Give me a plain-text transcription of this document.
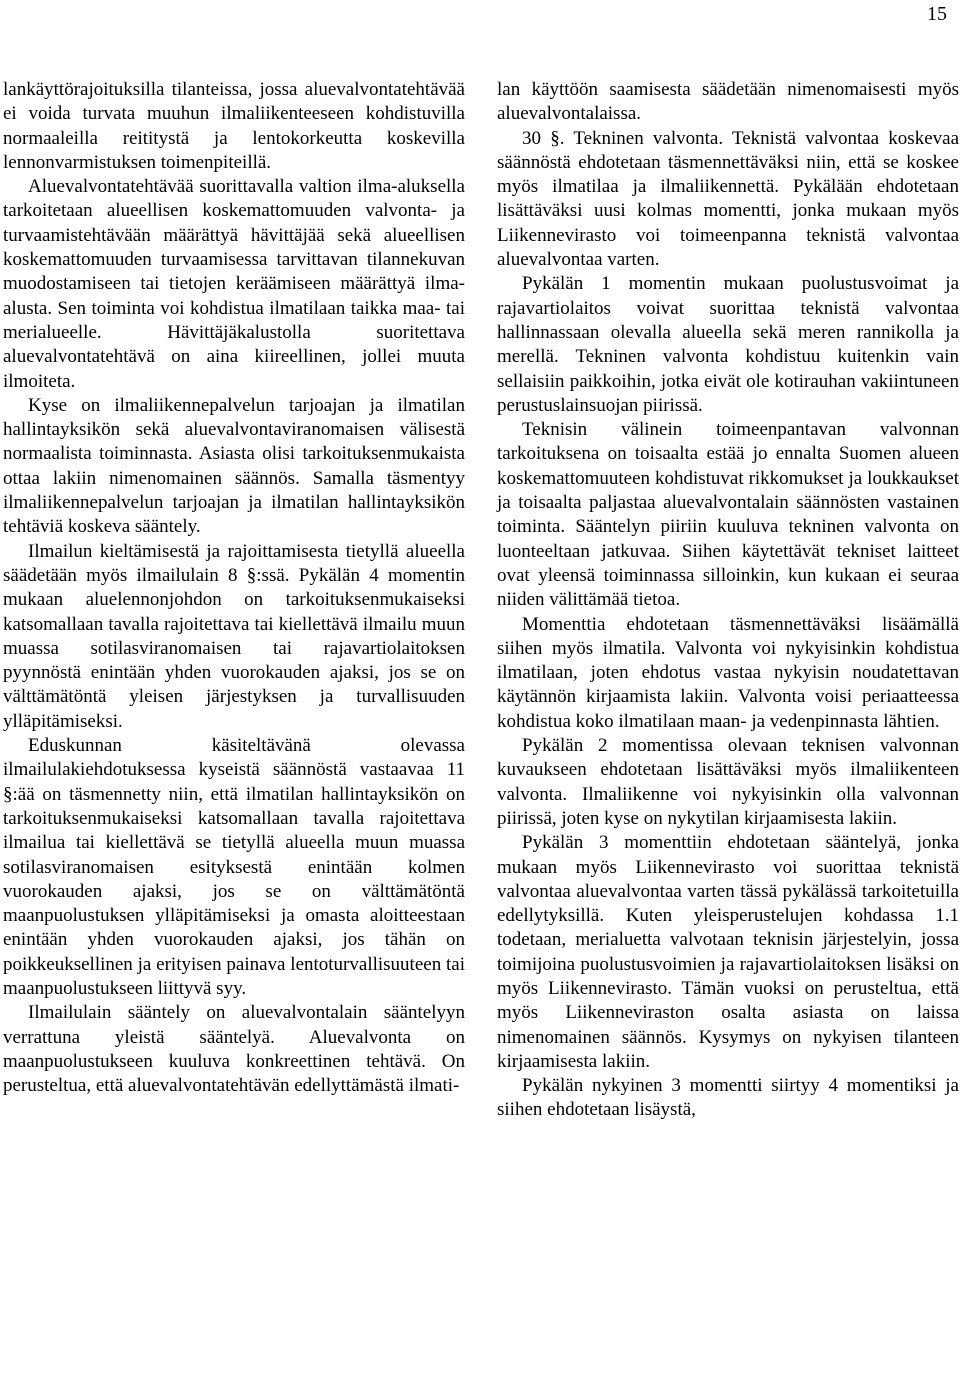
15

lankäyttörajoituksilla tilanteissa, jossa aluevalvontatehtävää ei voida turvata muuhun ilmaliikenteeseen kohdistuvilla normaaleilla reititystä ja lentokorkeutta koskevilla lennonvarmistuksen toimenpiteillä.

Aluevalvontatehtävää suorittavalla valtion ilma-aluksella tarkoitetaan alueellisen koskemattomuuden valvonta- ja turvaamistehtävään määrättyä hävittäjää sekä alueellisen koskemattomuuden turvaamisessa tarvittavan tilannekuvan muodostamiseen tai tietojen keräämiseen määrättyä ilma-alusta. Sen toiminta voi kohdistua ilmatilaan taikka maa- tai merialueelle. Hävittäjäkalustolla suoritettava aluevalvontatehtävä on aina kiireellinen, jollei muuta ilmoiteta.

Kyse on ilmaliikennepalvelun tarjoajan ja ilmatilan hallintayksikön sekä aluevalvontaviranomaisen välisestä normaalista toiminnasta. Asiasta olisi tarkoituksenmukaista ottaa lakiin nimenomainen säännös. Samalla täsmentyy ilmaliikennepalvelun tarjoajan ja ilmatilan hallintayksikön tehtäviä koskeva sääntely.

Ilmailun kieltämisestä ja rajoittamisesta tietyllä alueella säädetään myös ilmailulain 8 §:ssä. Pykälän 4 momentin mukaan aluelennonjohdon on tarkoituksenmukaiseksi katsomallaan tavalla rajoitettava tai kiellettävä ilmailu muun muassa sotilasviranomaisen tai rajavartiolaitoksen pyynnöstä enintään yhden vuorokauden ajaksi, jos se on välttämätöntä yleisen järjestyksen ja turvallisuuden ylläpitämiseksi.

Eduskunnan käsiteltävänä olevassa ilmailulakiehdotuksessa kyseistä säännöstä vastaavaa 11 §:ää on täsmennetty niin, että ilmatilan hallintayksikön on tarkoituksenmukaiseksi katsomallaan tavalla rajoitettava ilmailua tai kiellettävä se tietyllä alueella muun muassa sotilasviranomaisen esityksestä enintään kolmen vuorokauden ajaksi, jos se on välttämätöntä maanpuolustuksen ylläpitämiseksi ja omasta aloitteestaan enintään yhden vuorokauden ajaksi, jos tähän on poikkeuksellinen ja erityisen painava lentoturvallisuuteen tai maanpuolustukseen liittyvä syy.

Ilmailulain sääntely on aluevalvontalain sääntelyyn verrattuna yleistä sääntelyä. Aluevalvonta on maanpuolustukseen kuuluva konkreettinen tehtävä. On perusteltua, että aluevalvontatehtävän edellyttämästä ilmati-

lan käyttöön saamisesta säädetään nimenomaisesti myös aluevalvontalaissa.

30 §. Tekninen valvonta. Teknistä valvontaa koskevaa säännöstä ehdotetaan täsmennettäväksi niin, että se koskee myös ilmatilaa ja ilmaliikennettä. Pykälään ehdotetaan lisättäväksi uusi kolmas momentti, jonka mukaan myös Liikennevirasto voi toimeenpanna teknistä valvontaa aluevalvontaa varten.

Pykälän 1 momentin mukaan puolustusvoimat ja rajavartiolaitos voivat suorittaa teknistä valvontaa hallinnassaan olevalla alueella sekä meren rannikolla ja merellä. Tekninen valvonta kohdistuu kuitenkin vain sellaisiin paikkoihin, jotka eivät ole kotirauhan vakiintuneen perustuslainsuojan piirissä.

Teknisin välinein toimeenpantavan valvonnan tarkoituksena on toisaalta estää jo ennalta Suomen alueen koskemattomuuteen kohdistuvat rikkomukset ja loukkaukset ja toisaalta paljastaa aluevalvontalain säännösten vastainen toiminta. Sääntelyn piiriin kuuluva tekninen valvonta on luonteeltaan jatkuvaa. Siihen käytettävät tekniset laitteet ovat yleensä toiminnassa silloinkin, kun kukaan ei seuraa niiden välittämää tietoa.

Momenttia ehdotetaan täsmennettäväksi lisäämällä siihen myös ilmatila. Valvonta voi nykyisinkin kohdistua ilmatilaan, joten ehdotus vastaa nykyisin noudatettavan käytännön kirjaamista lakiin. Valvonta voisi periaatteessa kohdistua koko ilmatilaan maan- ja vedenpinnasta lähtien.

Pykälän 2 momentissa olevaan teknisen valvonnan kuvaukseen ehdotetaan lisättäväksi myös ilmaliikenteen valvonta. Ilmaliikenne voi nykyisinkin olla valvonnan piirissä, joten kyse on nykytilan kirjaamisesta lakiin.

Pykälän 3 momenttiin ehdotetaan sääntelyä, jonka mukaan myös Liikennevirasto voi suorittaa teknistä valvontaa aluevalvontaa varten tässä pykälässä tarkoitetuilla edellytyksillä. Kuten yleisperustelujen kohdassa 1.1 todetaan, merialuetta valvotaan teknisin järjestelyin, jossa toimijoina puolustusvoimien ja rajavartiolaitoksen lisäksi on myös Liikennevirasto. Tämän vuoksi on perusteltua, että myös Liikenneviraston osalta asiasta on laissa nimenomainen säännös. Kysymys on nykyisen tilanteen kirjaamisesta lakiin.

Pykälän nykyinen 3 momentti siirtyy 4 momentiksi ja siihen ehdotetaan lisäystä,
